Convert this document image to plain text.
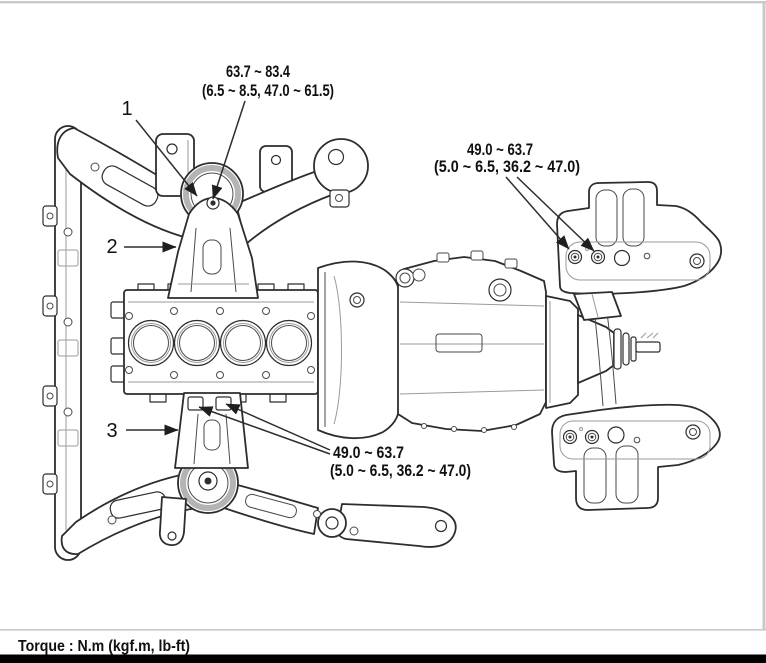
1
2
3
63.7 ~ 83.4
(6.5 ~ 8.5, 47.0 ~ 61.5)
49.0 ~ 63.7
(5.0 ~ 6.5, 36.2 ~ 47.0)
49.0 ~ 63.7
(5.0 ~ 6.5, 36.2 ~ 47.0)
Torque : N.m (kgf.m, lb-ft)
